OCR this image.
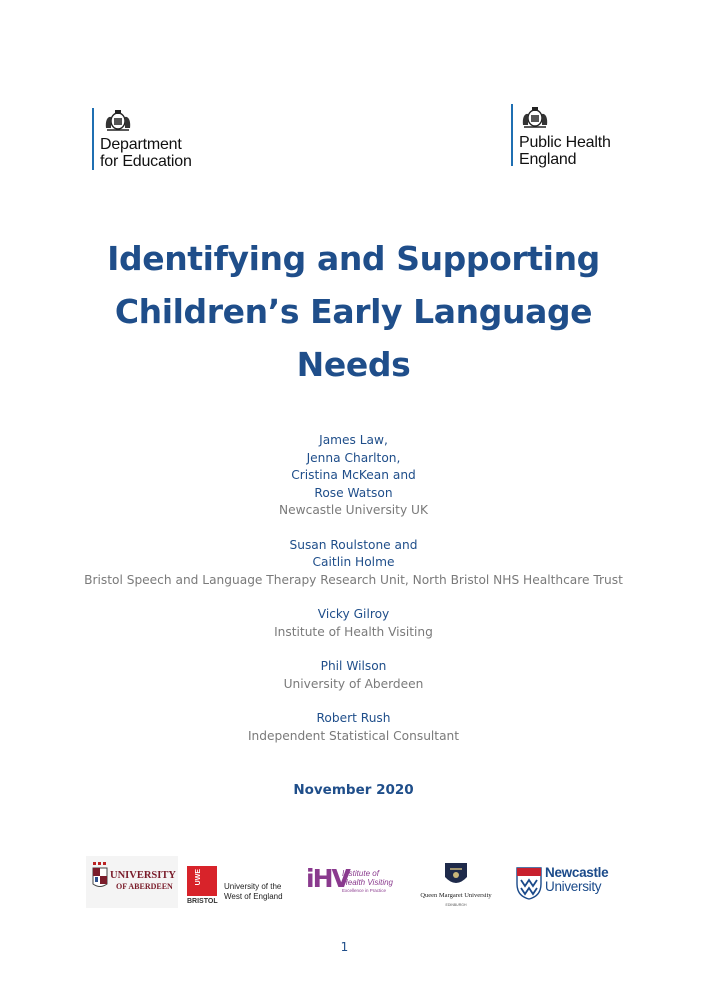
Department
for Education
Public Health
England
Identifying and Supporting
Children’s Early Language
Needs
James Law,
Jenna Charlton,
Cristina McKean and
Rose Watson
Newcastle University UK
Susan Roulstone and
Caitlin Holme
Bristol Speech and Language Therapy Research Unit, North Bristol NHS Healthcare Trust
Vicky Gilroy
Institute of Health Visiting
Phil Wilson
University of Aberdeen
Robert Rush
Independent Statistical Consultant
November 2020
UNIVERSITY
OF ABERDEEN
UWE
BRISTOL
University of the
West of England
iHV
Institute of
Health Visiting
Excellence in Practice
Queen Margaret University
EDINBURGH
Newcastle
University
1
